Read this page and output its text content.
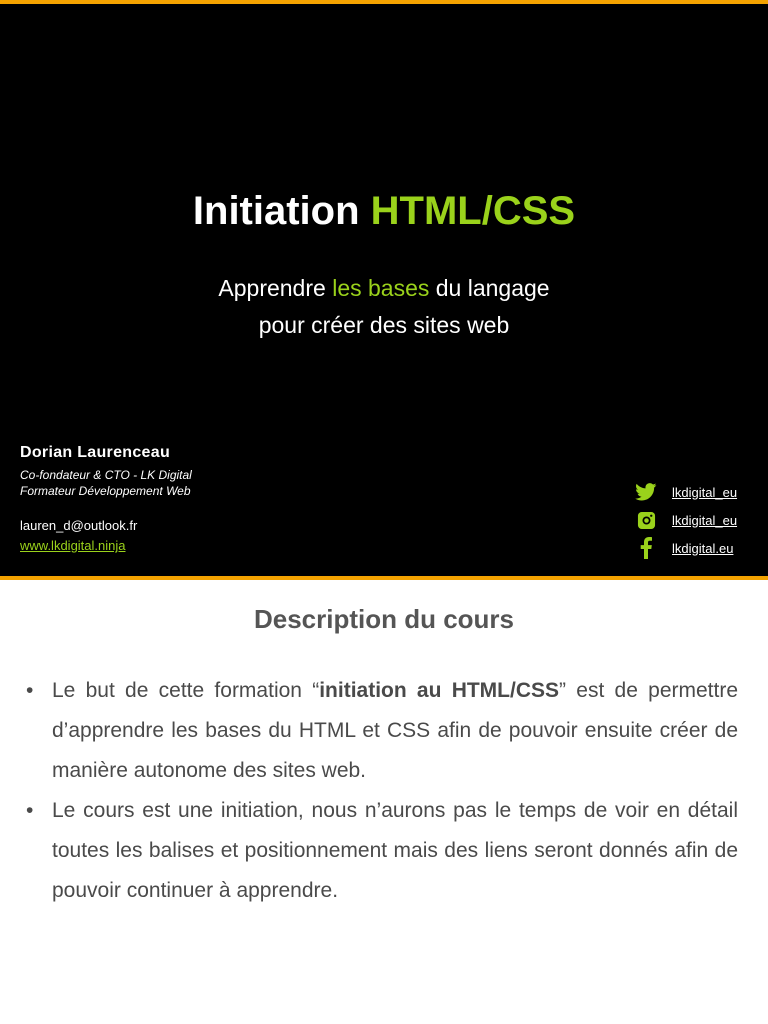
Initiation HTML/CSS
Apprendre les bases du langage
pour créer des sites web
Dorian Laurenceau
Co-fondateur & CTO - LK Digital
Formateur Développement Web
lauren_d@outlook.fr
www.lkdigital.ninja
lkdigital_eu
lkdigital_eu
lkdigital.eu
Description du cours
• Le but de cette formation “initiation au HTML/CSS” est de permettre d’apprendre les bases du HTML et CSS afin de pouvoir ensuite créer de manière autonome des sites web.
• Le cours est une initiation, nous n’aurons pas le temps de voir en détail toutes les balises et positionnement mais des liens seront donnés afin de pouvoir continuer à apprendre.
